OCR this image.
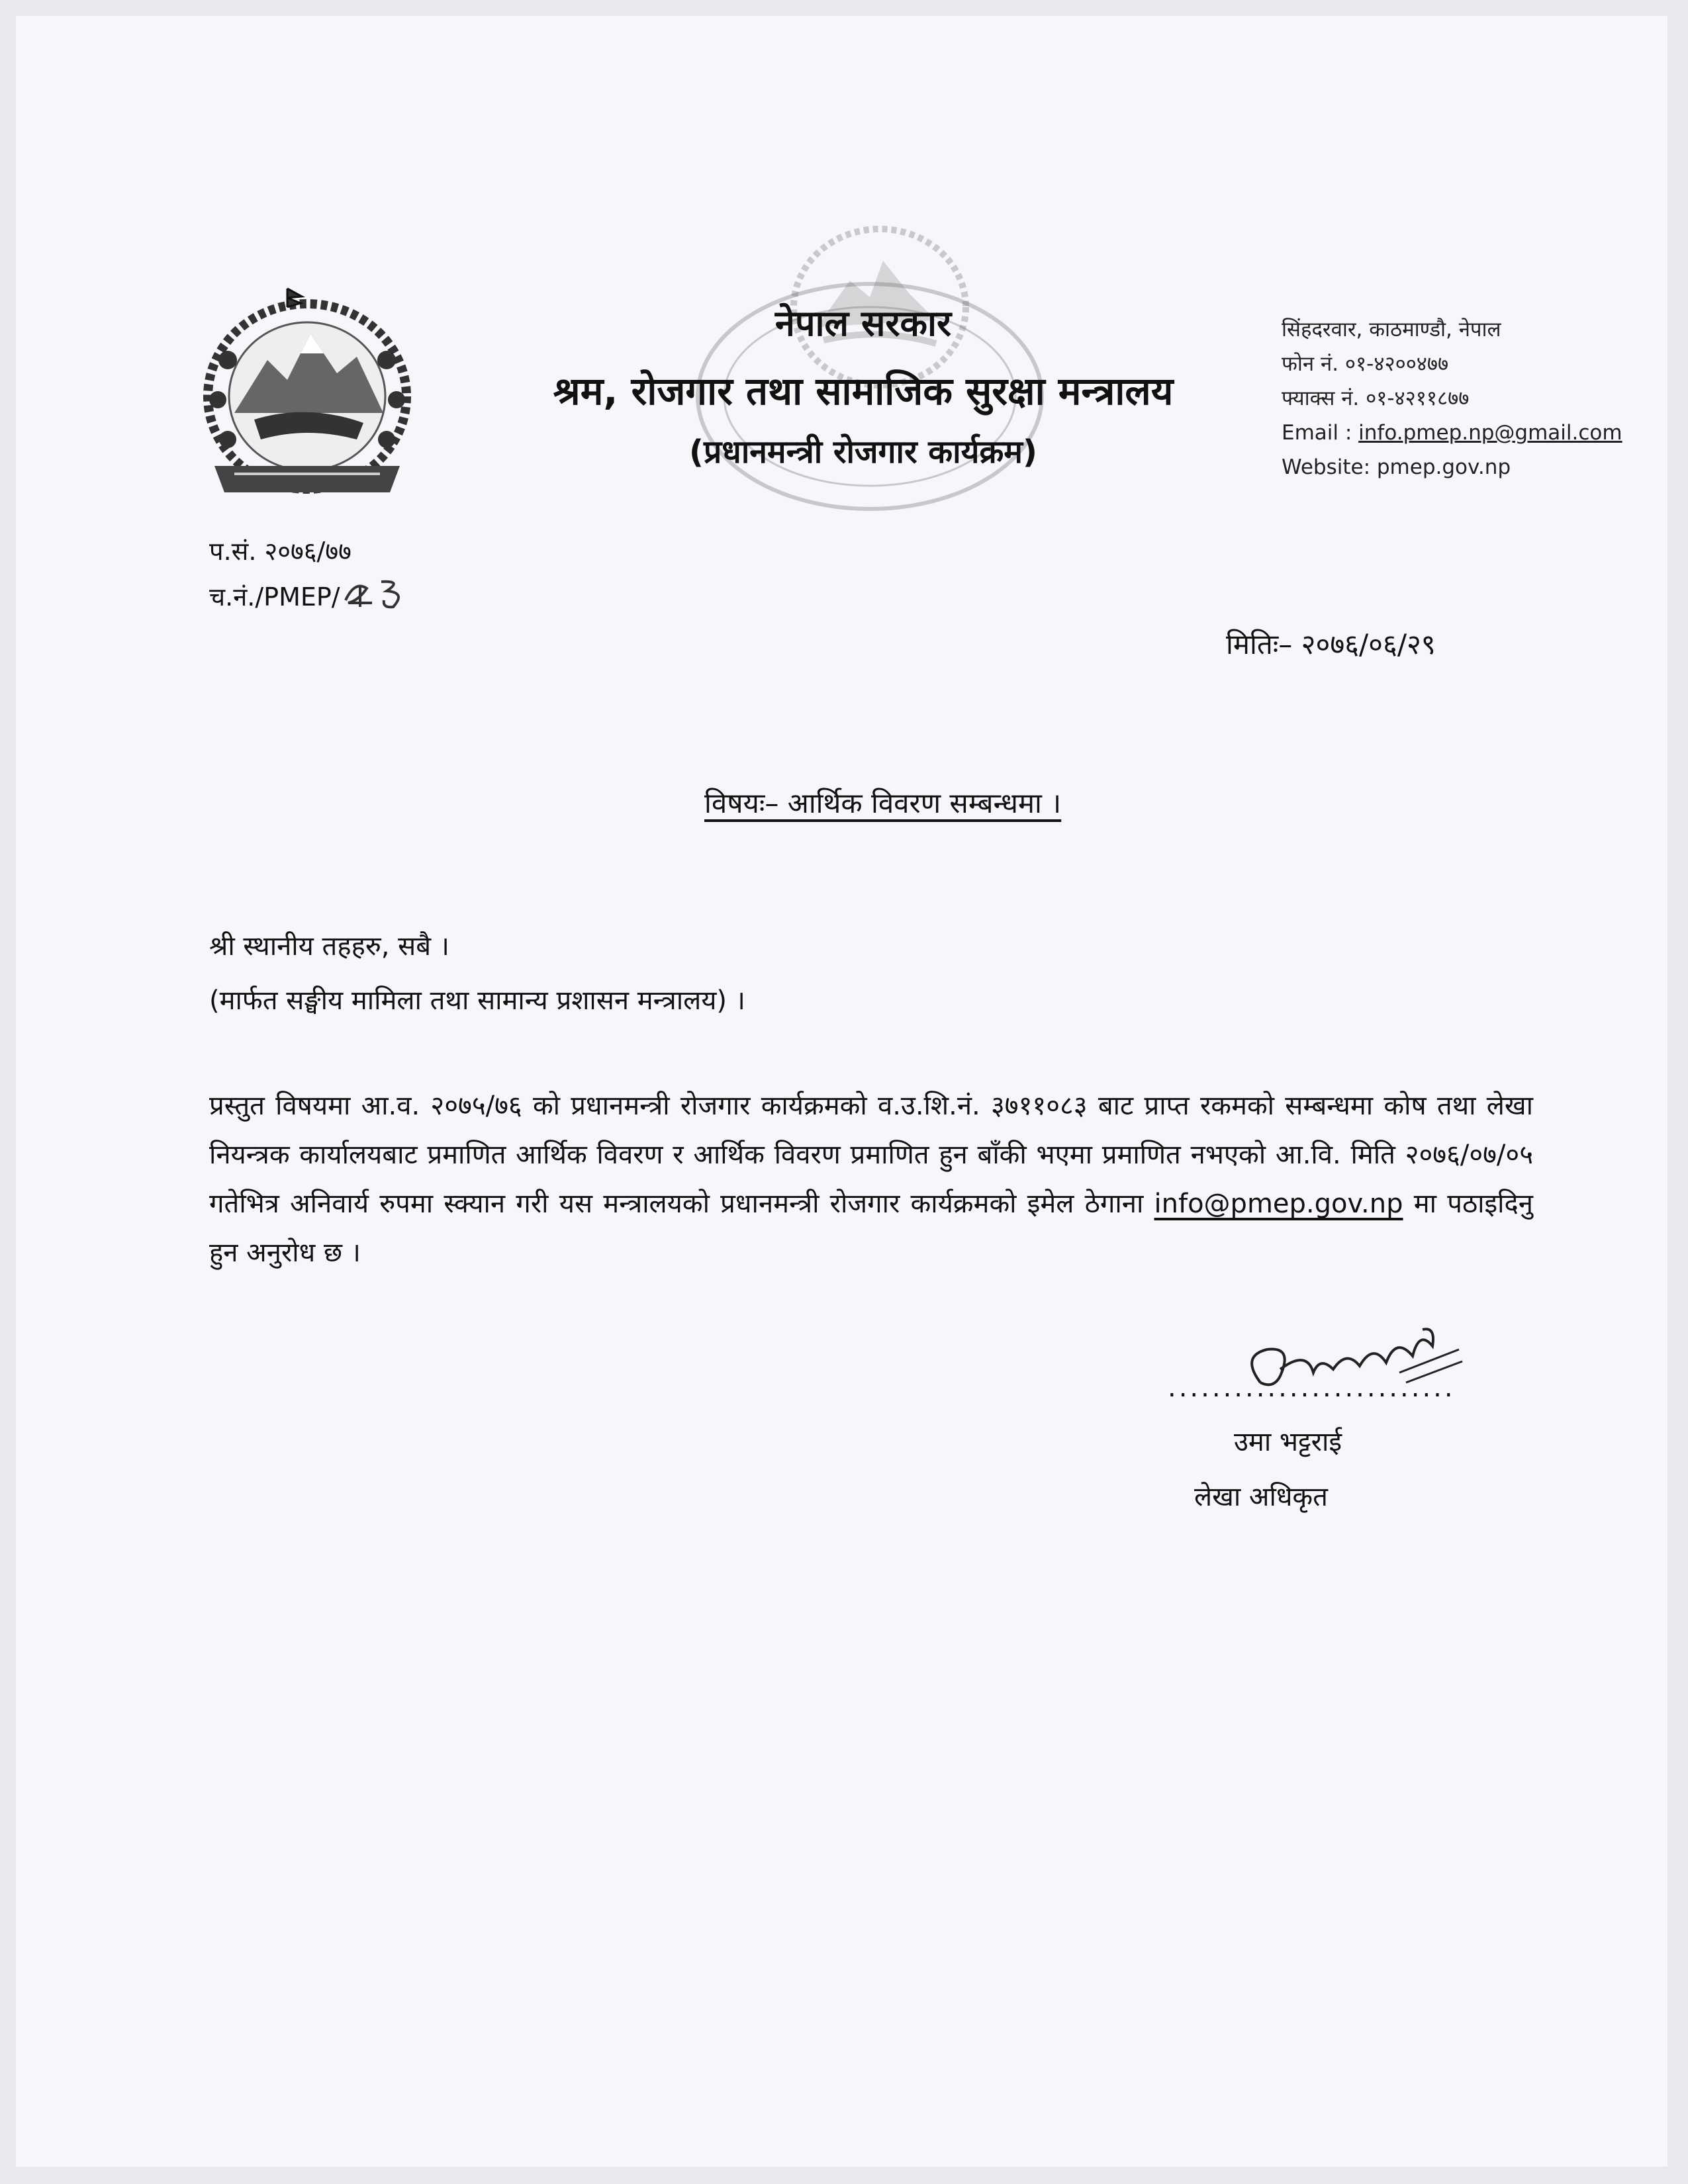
नेपाल सरकार
श्रम, रोजगार तथा सामाजिक सुरक्षा मन्त्रालय
(प्रधानमन्त्री रोजगार कार्यक्रम)
सिंहदरवार, काठमाण्डौ, नेपाल
फोन नं. ०१-४२००४७७
फ्याक्स नं. ०१-४२११८७७
Email : info.pmep.np@gmail.com
Website: pmep.gov.np
प.सं. २०७६/७७
च.नं./PMEP/
मितिः– २०७६/०६/२९
विषयः– आर्थिक विवरण सम्बन्धमा ।
श्री स्थानीय तहहरु, सबै ।
(मार्फत सङ्घीय मामिला तथा सामान्य प्रशासन मन्त्रालय) ।
प्रस्तुत विषयमा आ.व. २०७५/७६ को प्रधानमन्त्री रोजगार कार्यक्रमको व.उ.शि.नं. ३७११०८३ बाट प्राप्त रकमको सम्बन्धमा कोष तथा लेखा नियन्त्रक कार्यालयबाट प्रमाणित आर्थिक विवरण र आर्थिक विवरण प्रमाणित हुन बाँकी भएमा प्रमाणित नभएको आ.वि. मिति २०७६/०७/०५ गतेभित्र अनिवार्य रुपमा स्क्यान गरी यस मन्त्रालयको प्रधानमन्त्री रोजगार कार्यक्रमको इमेल ठेगाना info@pmep.gov.np मा पठाइदिनु हुन अनुरोध छ ।
..........................
उमा भट्टराई
लेखा अधिकृत
